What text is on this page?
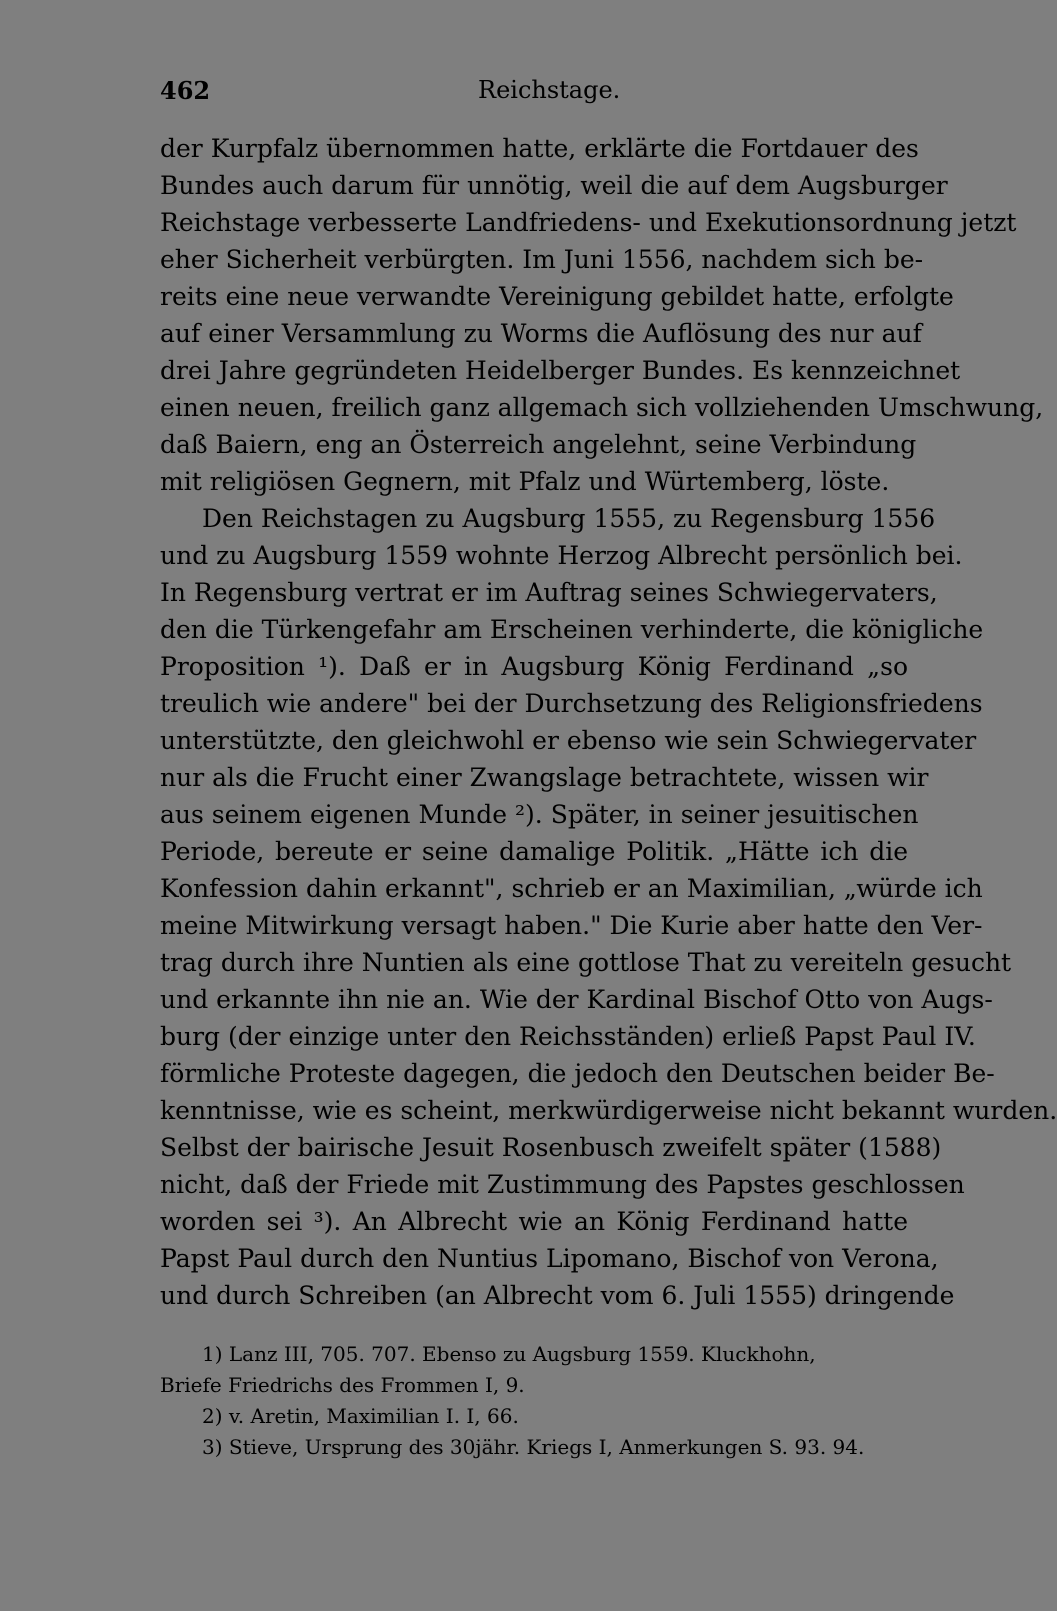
462	Reichstage.

der Kurpfalz übernommen hatte, erklärte die Fortdauer des
Bundes auch darum für unnötig, weil die auf dem Augsburger
Reichstage verbesserte Landfriedens- und Exekutionsordnung jetzt
eher Sicherheit verbürgten. Im Juni 1556, nachdem sich be-
reits eine neue verwandte Vereinigung gebildet hatte, erfolgte
auf einer Versammlung zu Worms die Auflösung des nur auf
drei Jahre gegründeten Heidelberger Bundes. Es kennzeichnet
einen neuen, freilich ganz allgemach sich vollziehenden Umschwung,
daß Baiern, eng an Österreich angelehnt, seine Verbindung
mit religiösen Gegnern, mit Pfalz und Würtemberg, löste.

Den Reichstagen zu Augsburg 1555, zu Regensburg 1556
und zu Augsburg 1559 wohnte Herzog Albrecht persönlich bei.
In Regensburg vertrat er im Auftrag seines Schwiegervaters,
den die Türkengefahr am Erscheinen verhinderte, die königliche
Proposition ¹). Daß er in Augsburg König Ferdinand „so
treulich wie andere" bei der Durchsetzung des Religionsfriedens
unterstützte, den gleichwohl er ebenso wie sein Schwiegervater
nur als die Frucht einer Zwangslage betrachtete, wissen wir
aus seinem eigenen Munde ²). Später, in seiner jesuitischen
Periode, bereute er seine damalige Politik. „Hätte ich die
Konfession dahin erkannt", schrieb er an Maximilian, „würde ich
meine Mitwirkung versagt haben." Die Kurie aber hatte den Ver-
trag durch ihre Nuntien als eine gottlose That zu vereiteln gesucht
und erkannte ihn nie an. Wie der Kardinal Bischof Otto von Augs-
burg (der einzige unter den Reichsständen) erließ Papst Paul IV.
förmliche Proteste dagegen, die jedoch den Deutschen beider Be-
kenntnisse, wie es scheint, merkwürdigerweise nicht bekannt wurden.
Selbst der bairische Jesuit Rosenbusch zweifelt später (1588)
nicht, daß der Friede mit Zustimmung des Papstes geschlossen
worden sei ³). An Albrecht wie an König Ferdinand hatte
Papst Paul durch den Nuntius Lipomano, Bischof von Verona,
und durch Schreiben (an Albrecht vom 6. Juli 1555) dringende

1) Lanz III, 705. 707. Ebenso zu Augsburg 1559. Kluckhohn,
Briefe Friedrichs des Frommen I, 9.
2) v. Aretin, Maximilian I. I, 66.
3) Stieve, Ursprung des 30jähr. Kriegs I, Anmerkungen S. 93. 94.
